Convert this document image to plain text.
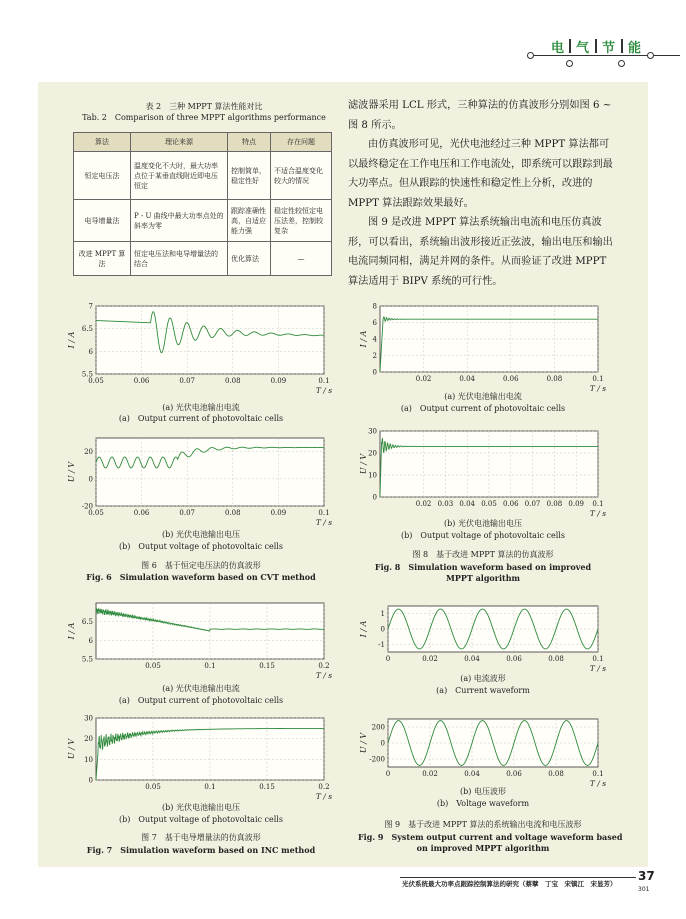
电 气 节 能
表 2　三种 MPPT 算法性能对比
Tab. 2　Comparison of three MPPT algorithms performance
算法	理论来源	特点	存在问题
恒定电压法	温度变化不大时，最大功率点位于某垂直线附近即电压恒定	控制简单，稳定性好	不适合温度变化较大的情况
电导增量法	P - U 曲线中最大功率点处的斜率为零	跟踪准确性高，自适应能力强	稳定性较恒定电压法差，控制较复杂
改进 MPPT 算法	恒定电压法和电导增量法的结合	优化算法	—
滤波器采用 LCL 形式，三种算法的仿真波形分别如图 6 ~ 图 8 所示。
由仿真波形可见，光伏电池经过三种 MPPT 算法都可以最终稳定在工作电压和工作电流处，即系统可以跟踪到最大功率点。但从跟踪的快速性和稳定性上分析，改进的 MPPT 算法跟踪效果最好。
图 9 是改进 MPPT 算法系统输出电流和电压仿真波形，可以看出，系统输出波形接近正弦波，输出电压和输出电流同频同相，满足并网的条件。从而验证了改进 MPPT 算法适用于 BIPV 系统的可行性。
0.05	0.06	0.07	0.08	0.09	0.1
5.5
6
6.5
7
I / A
T / s
0.05	0.06	0.07	0.08	0.09	0.1
-20
0
20
U / V
T / s
0.05	0.1	0.15	0.2
5.5
6
6.5
I / A
T / s
0.05	0.1	0.15	0.2
0
10
20
30
U / V
T / s
0.02	0.04	0.06	0.08	0.1
0
2
4
6
8
I / A
T / s
0.02 0.03 0.04 0.05 0.06 0.07 0.08 0.09 0.1
0
10
20
30
U / V
T / s
0	0.02	0.04	0.06	0.08	0.1
-1
0
1
I / A
T / s
0	0.02	0.04	0.06	0.08	0.1
-200
0
200
U / V
T / s
(a) 光伏电池输出电流
(a)　Output current of photovoltaic cells
(b) 光伏电池输出电压
(b)　Output voltage of photovoltaic cells
图 6　基于恒定电压法的仿真波形
Fig. 6　Simulation waveform based on CVT method
(a) 光伏电池输出电流
(a)　Output current of photovoltaic cells
(b) 光伏电池输出电压
(b)　Output voltage of photovoltaic cells
图 7　基于电导增量法的仿真波形
Fig. 7　Simulation waveform based on INC method
(a) 光伏电池输出电流
(a)　Output current of photovoltaic cells
(b) 光伏电池输出电压
(b)　Output voltage of photovoltaic cells
图 8　基于改进 MPPT 算法的仿真波形
Fig. 8　Simulation waveform based on improved
MPPT algorithm
(a) 电流波形
(a)　Current waveform
(b) 电压波形
(b)　Voltage waveform
图 9　基于改进 MPPT 算法的系统输出电流和电压波形
Fig. 9　System output current and voltage waveform based
on improved MPPT algorithm
37
光伏系统最大功率点跟踪控制算法的研究（蔡擘　丁宝　宋镇江　宋显芳）
301
